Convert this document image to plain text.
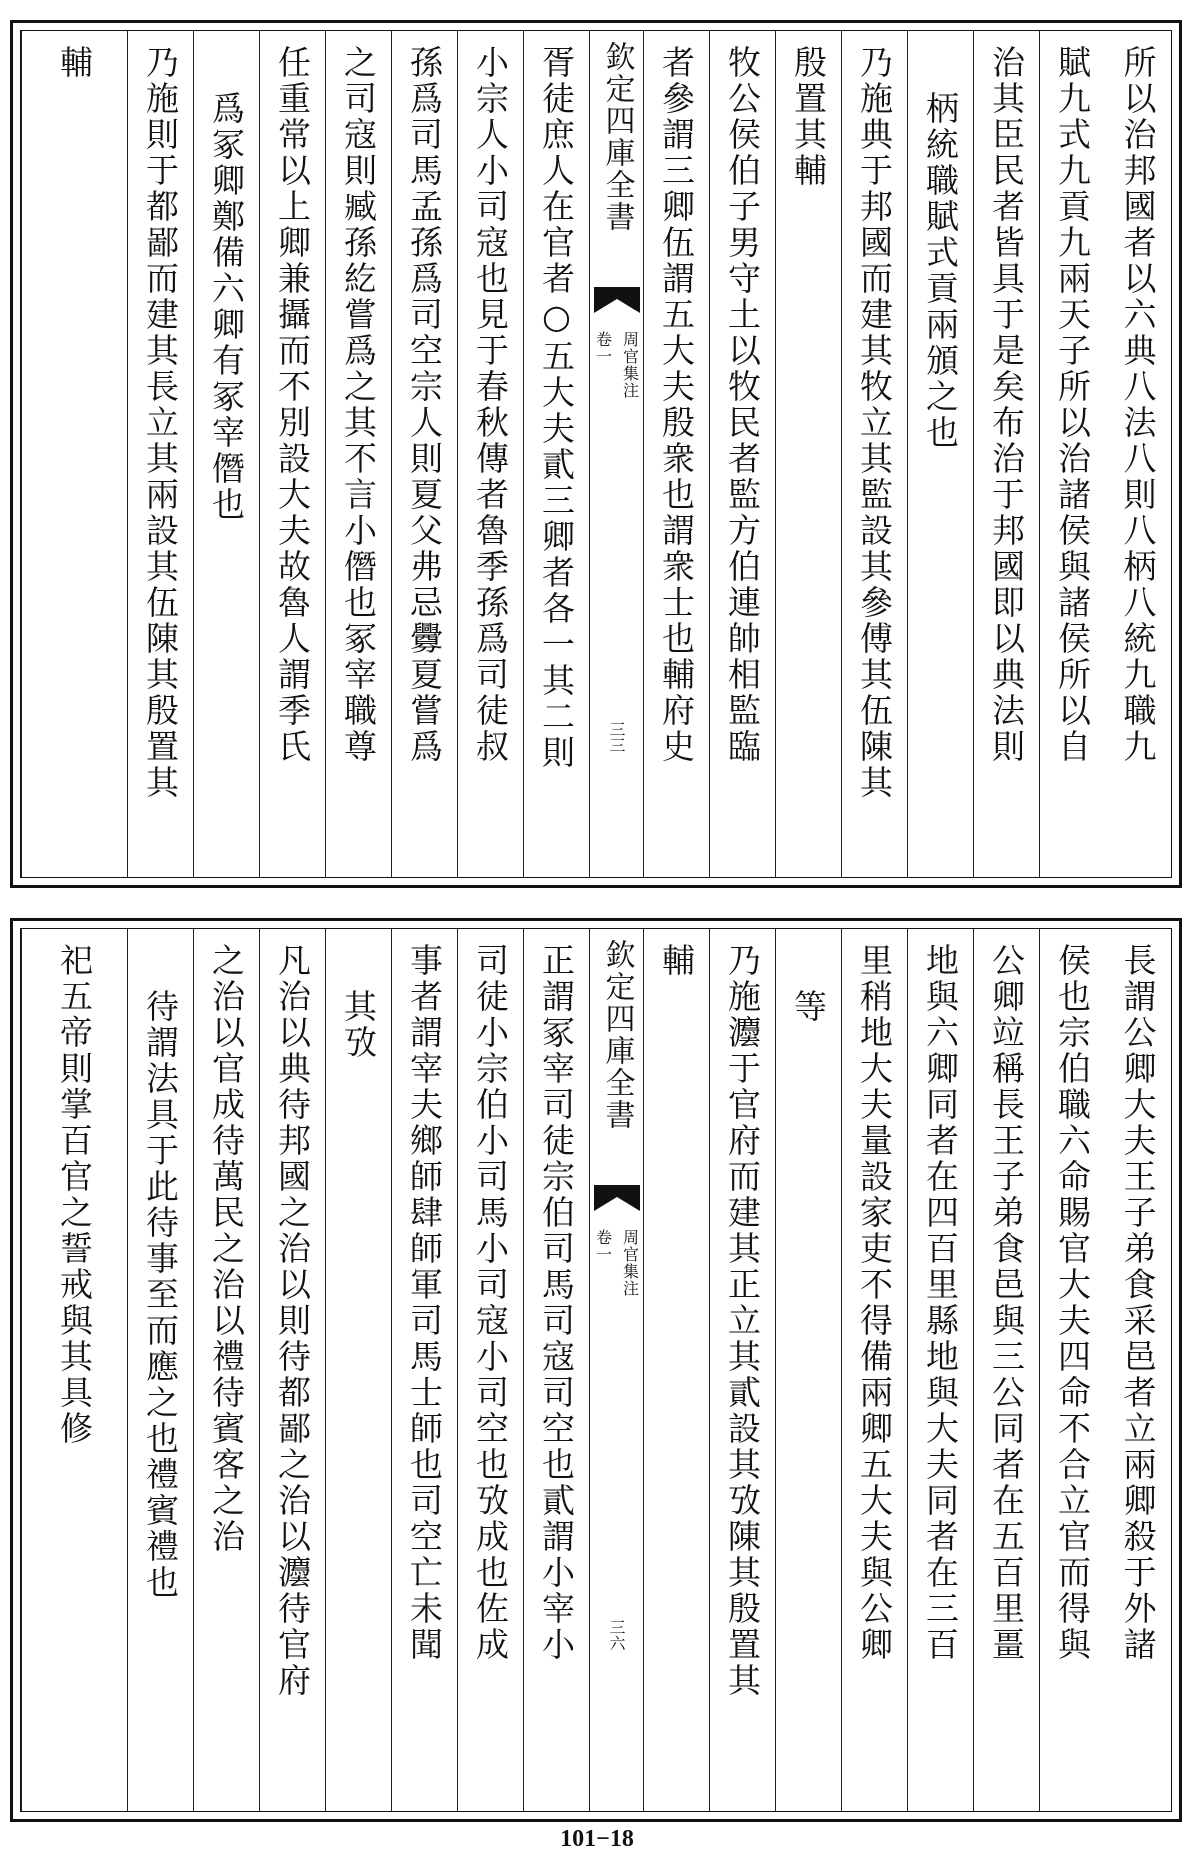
所以治邦國者以六典八法八則八柄八統九職九
賦九式九貢九兩天子所以治諸侯與諸侯所以自
治其臣民者皆具于是矣布治于邦國即以典法則
柄統職賦式貢兩頒之也
乃施典于邦國而建其牧立其監設其參傅其伍陳其
殷置其輔
牧公侯伯子男守土以牧民者監方伯連帥相監臨
者參謂三卿伍謂五大夫殷衆也謂衆士也輔府史
欽定四庫全書
周官集注
卷一
三三
胥徒庶人在官者○五大夫貳三卿者各一其二則
小宗人小司寇也見于春秋傳者魯季孫爲司徒叔
孫爲司馬孟孫爲司空宗人則夏父弗忌釁夏嘗爲
之司寇則臧孫紇嘗爲之其不言小僭也冢宰職尊
任重常以上卿兼攝而不別設大夫故魯人謂季氏
爲冢卿鄭備六卿有冢宰僭也
乃施則于都鄙而建其長立其兩設其伍陳其殷置其
輔
長謂公卿大夫王子弟食采邑者立兩卿殺于外諸
侯也宗伯職六命賜官大夫四命不合立官而得與
公卿竝稱長王子弟食邑與三公同者在五百里畺
地與六卿同者在四百里縣地與大夫同者在三百
里稍地大夫量設家吏不得備兩卿五大夫與公卿
等
乃施灋于官府而建其正立其貳設其攷陳其殷置其
輔
欽定四庫全書
周官集注
卷一
三六
正謂冢宰司徒宗伯司馬司寇司空也貳謂小宰小
司徒小宗伯小司馬小司寇小司空也攷成也佐成
事者謂宰夫鄉師肆師軍司馬士師也司空亡未聞
其攷
凡治以典待邦國之治以則待都鄙之治以灋待官府
之治以官成待萬民之治以禮待賓客之治
待謂法具于此待事至而應之也禮賓禮也
祀五帝則掌百官之誓戒與其具修
101−18
